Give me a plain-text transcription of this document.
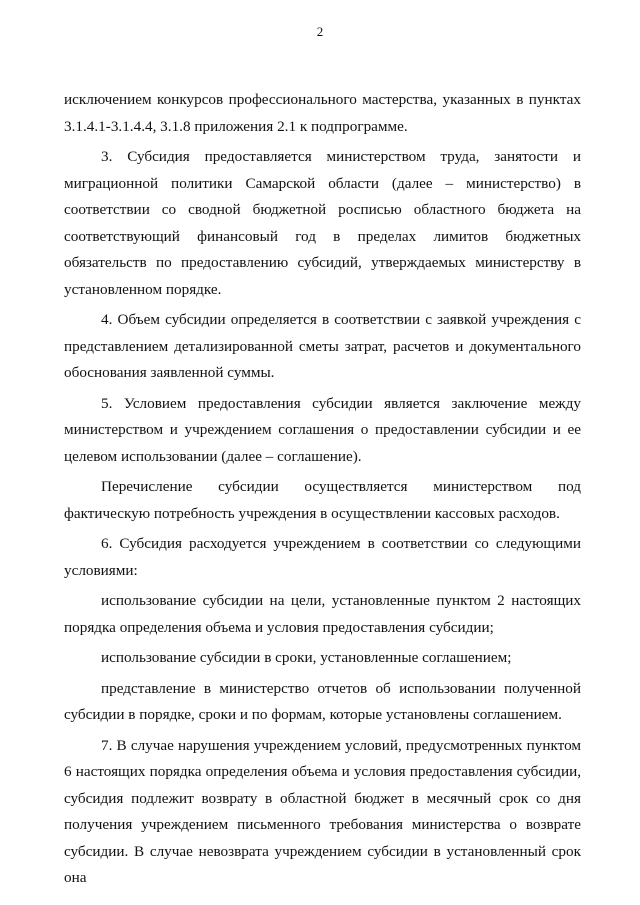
2

исключением конкурсов профессионального мастерства, указанных в пунктах 3.1.4.1-3.1.4.4, 3.1.8 приложения 2.1 к подпрограмме.

3. Субсидия предоставляется министерством труда, занятости и миграционной политики Самарской области (далее – министерство) в соответствии со сводной бюджетной росписью областного бюджета на соответствующий финансовый год в пределах лимитов бюджетных обязательств по предоставлению субсидий, утверждаемых министерству в установленном порядке.

4. Объем субсидии определяется в соответствии с заявкой учреждения с представлением детализированной сметы затрат, расчетов и документального обоснования заявленной суммы.

5. Условием предоставления субсидии является заключение между министерством и учреждением соглашения о предоставлении субсидии и ее целевом использовании (далее – соглашение).

Перечисление субсидии осуществляется министерством под фактическую потребность учреждения в осуществлении кассовых расходов.

6. Субсидия расходуется учреждением в соответствии со следующими условиями:

использование субсидии на цели, установленные пунктом 2 настоящих порядка определения объема и условия предоставления субсидии;

использование субсидии в сроки, установленные соглашением;

представление в министерство отчетов об использовании полученной субсидии в порядке, сроки и по формам, которые установлены соглашением.

7. В случае нарушения учреждением условий, предусмотренных пунктом 6 настоящих порядка определения объема и условия предоставления субсидии, субсидия подлежит возврату в областной бюджет в месячный срок со дня получения учреждением письменного требования министерства о возврате субсидии. В случае невозврата учреждением субсидии в установленный срок она
